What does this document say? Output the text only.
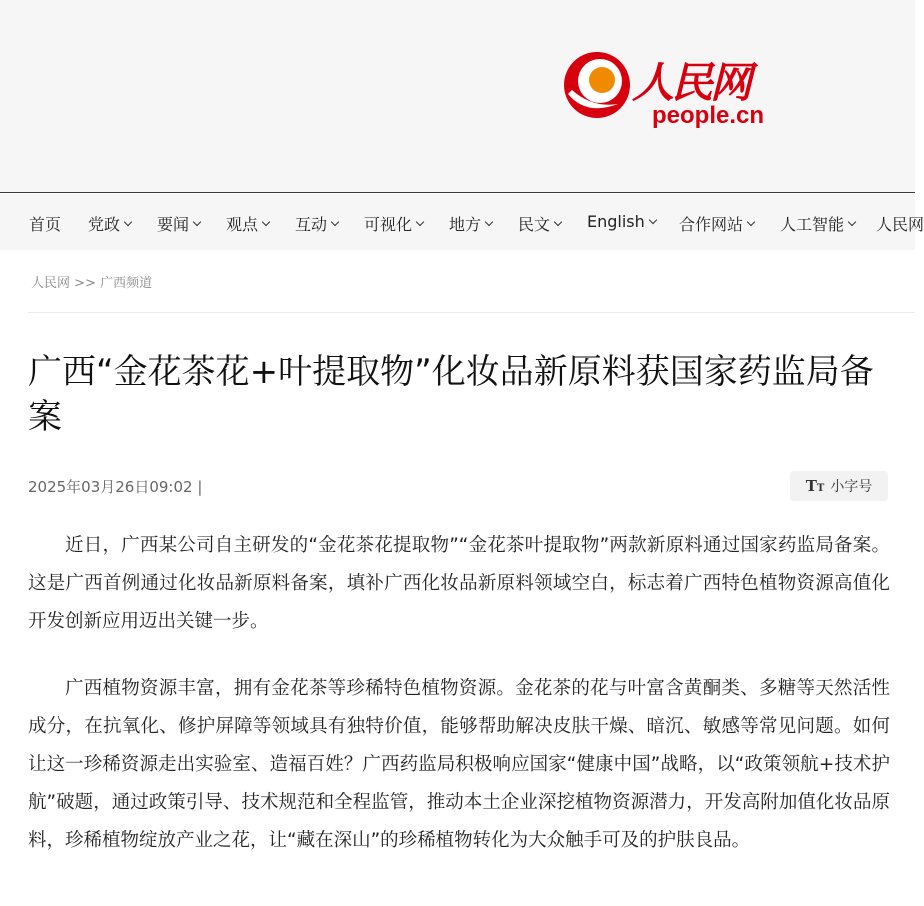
人民网
people.cn
首页 党政 要闻 观点 互动 可视化 地方 民文 English 合作网站 人工智能 人民网
人民网 >> 广西频道
广西“金花茶花+叶提取物”化妆品新原料获国家药监局备案
2025年03月26日09:02 |	TT 小字号

近日，广西某公司自主研发的“金花茶花提取物”“金花茶叶提取物”两款新原料通过国家药监局备案。这是广西首例通过化妆品新原料备案，填补广西化妆品新原料领域空白，标志着广西特色植物资源高值化开发创新应用迈出关键一步。

广西植物资源丰富，拥有金花茶等珍稀特色植物资源。金花茶的花与叶富含黄酮类、多糖等天然活性成分，在抗氧化、修护屏障等领域具有独特价值，能够帮助解决皮肤干燥、暗沉、敏感等常见问题。如何让这一珍稀资源走出实验室、造福百姓？广西药监局积极响应国家“健康中国”战略，以“政策领航+技术护航”破题，通过政策引导、技术规范和全程监管，推动本土企业深挖植物资源潜力，开发高附加值化妆品原料，珍稀植物绽放产业之花，让“藏在深山”的珍稀植物转化为大众触手可及的护肤良品。
